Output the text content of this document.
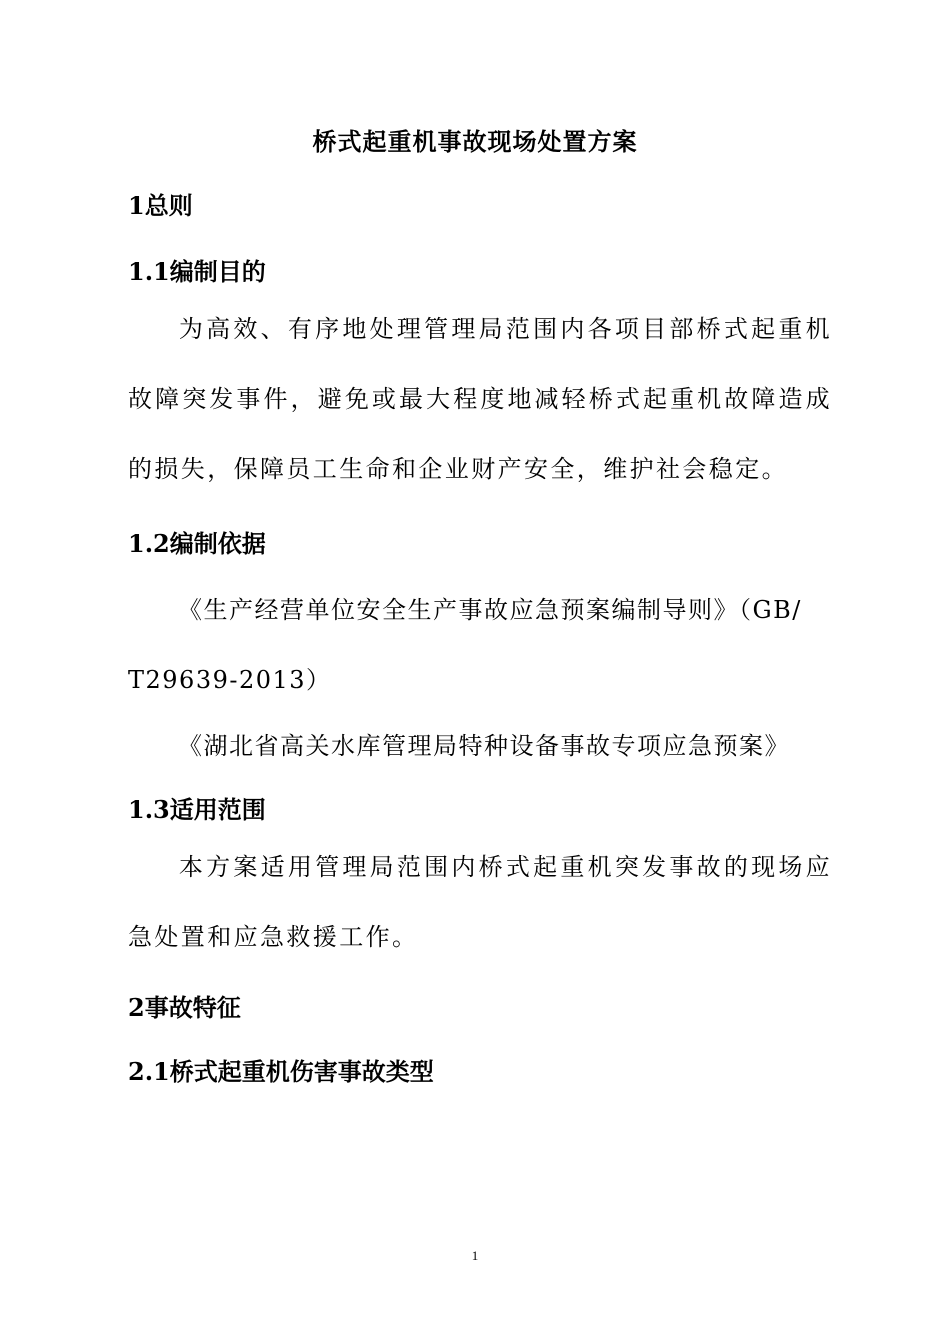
桥式起重机事故现场处置方案
1总则
1.1编制目的

为高效、有序地处理管理局范围内各项目部桥式起重机故障突发事件，避免或最大程度地减轻桥式起重机故障造成的损失，保障员工生命和企业财产安全，维护社会稳定。

1.2编制依据
《生产经营单位安全生产事故应急预案编制导则》（GB/
T29639-2013）
《湖北省高关水库管理局特种设备事故专项应急预案》
1.3适用范围

本方案适用管理局范围内桥式起重机突发事故的现场应急处置和应急救援工作。

2事故特征
2.1桥式起重机伤害事故类型
1
